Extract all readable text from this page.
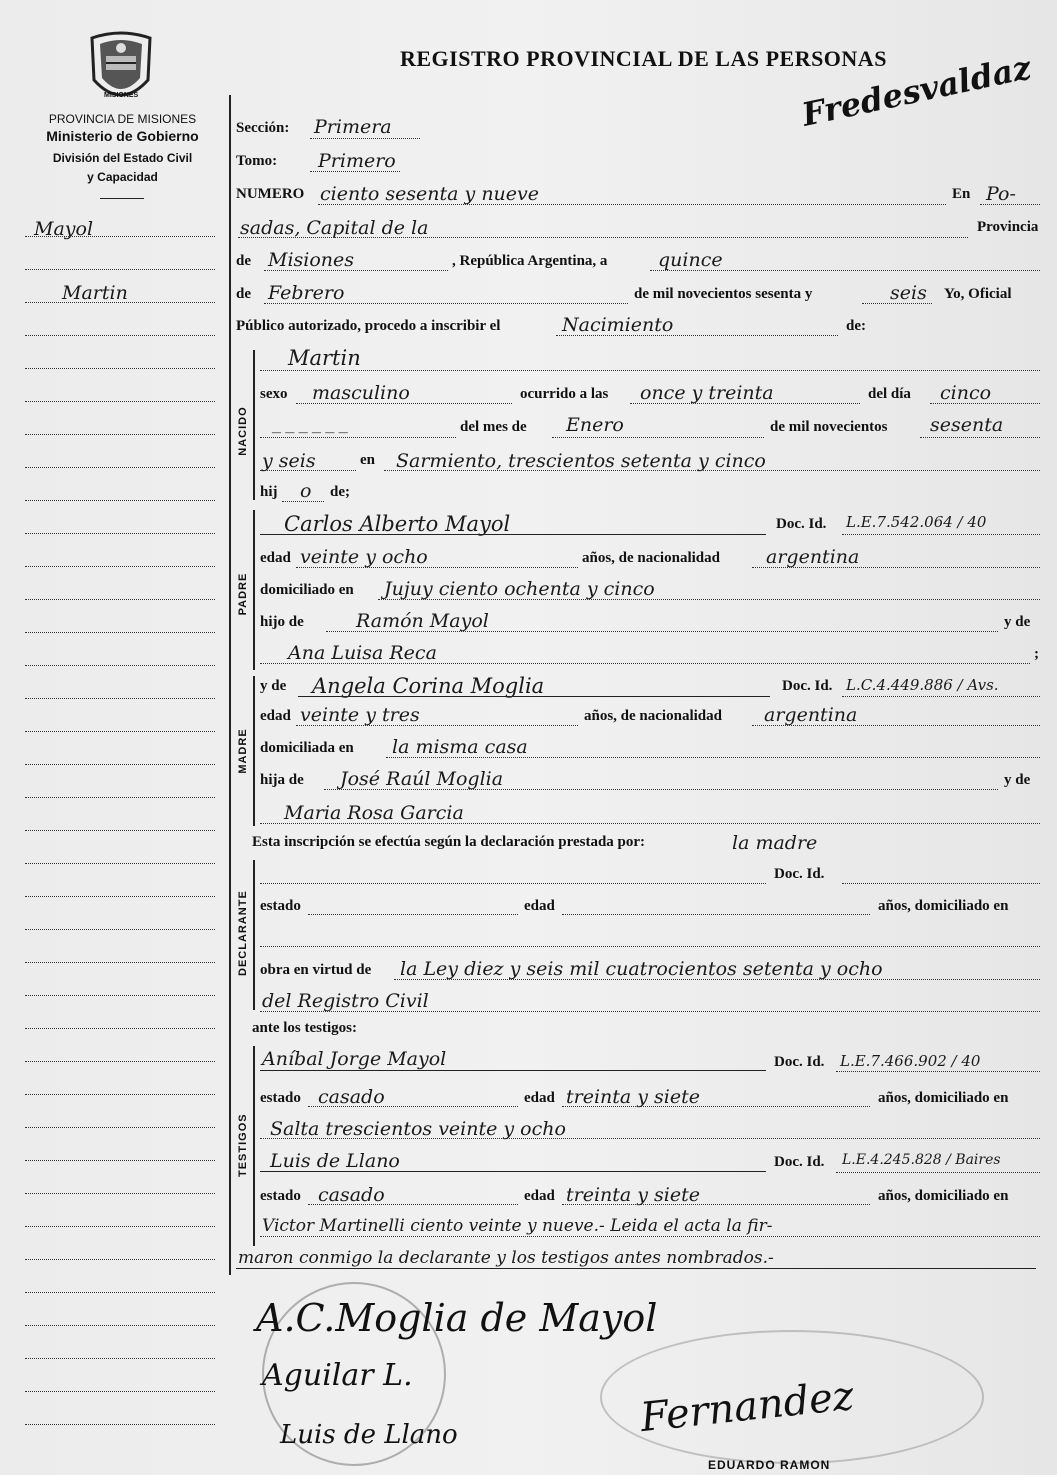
MISIONES
PROVINCIA DE MISIONES
Ministerio de Gobierno
División del Estado Civil
y Capacidad
Mayol
Martin
REGISTRO PROVINCIAL DE LAS PERSONAS
Fredesvaldaz
Sección: Primera
Tomo: Primero
NUMERO ciento sesenta y nueve	En Po-
sadas, Capital de la	Provincia
de Misiones	, República Argentina, a	quince
de Febrero	de mil novecientos sesenta y	seis Yo, Oficial
Público autorizado, procedo a inscribir el	Nacimiento	de:
Martin
NACIDO
sexo masculino	ocurrido a las once y treinta	del día cinco
_ _ _ _ _ _	del mes de Enero	de mil novecientos sesenta
y seis	en Sarmiento, trescientos setenta y cinco
hij o de;
PADRE
Carlos Alberto Mayol	Doc. Id. L.E.7.542.064 / 40
edad veinte y ocho	años, de nacionalidad argentina
domiciliado en Jujuy ciento ochenta y cinco
hijo de	Ramón Mayol	y de
Ana Luisa Reca	;
MADRE
y de Angela Corina Moglia	Doc. Id. L.C.4.449.886 / Avs.
edad veinte y tres	años, de nacionalidad argentina
domiciliada en la misma casa
hija de José Raúl Moglia	y de
Maria Rosa Garcia
Esta inscripción se efectúa según la declaración prestada por:	la madre
DECLARANTE
Doc. Id.
estado	edad	años, domiciliado en
obra en virtud de la Ley diez y seis mil cuatrocientos setenta y ocho
del Registro Civil
ante los testigos:
TESTIGOS
Aníbal Jorge Mayol	Doc. Id. L.E.7.466.902 / 40
estado casado	edad treinta y siete	años, domiciliado en
Salta trescientos veinte y ocho
Luis de Llano	Doc. Id. L.E.4.245.828 / Baires
estado casado	edad treinta y siete	años, domiciliado en
Victor Martinelli ciento veinte y nueve.- Leida el acta la fir-
maron conmigo la declarante y los testigos antes nombrados.-
A.C.Moglia de Mayol
Aguilar L.
Luis de Llano	Fernandez
EDUARDO RAMON
